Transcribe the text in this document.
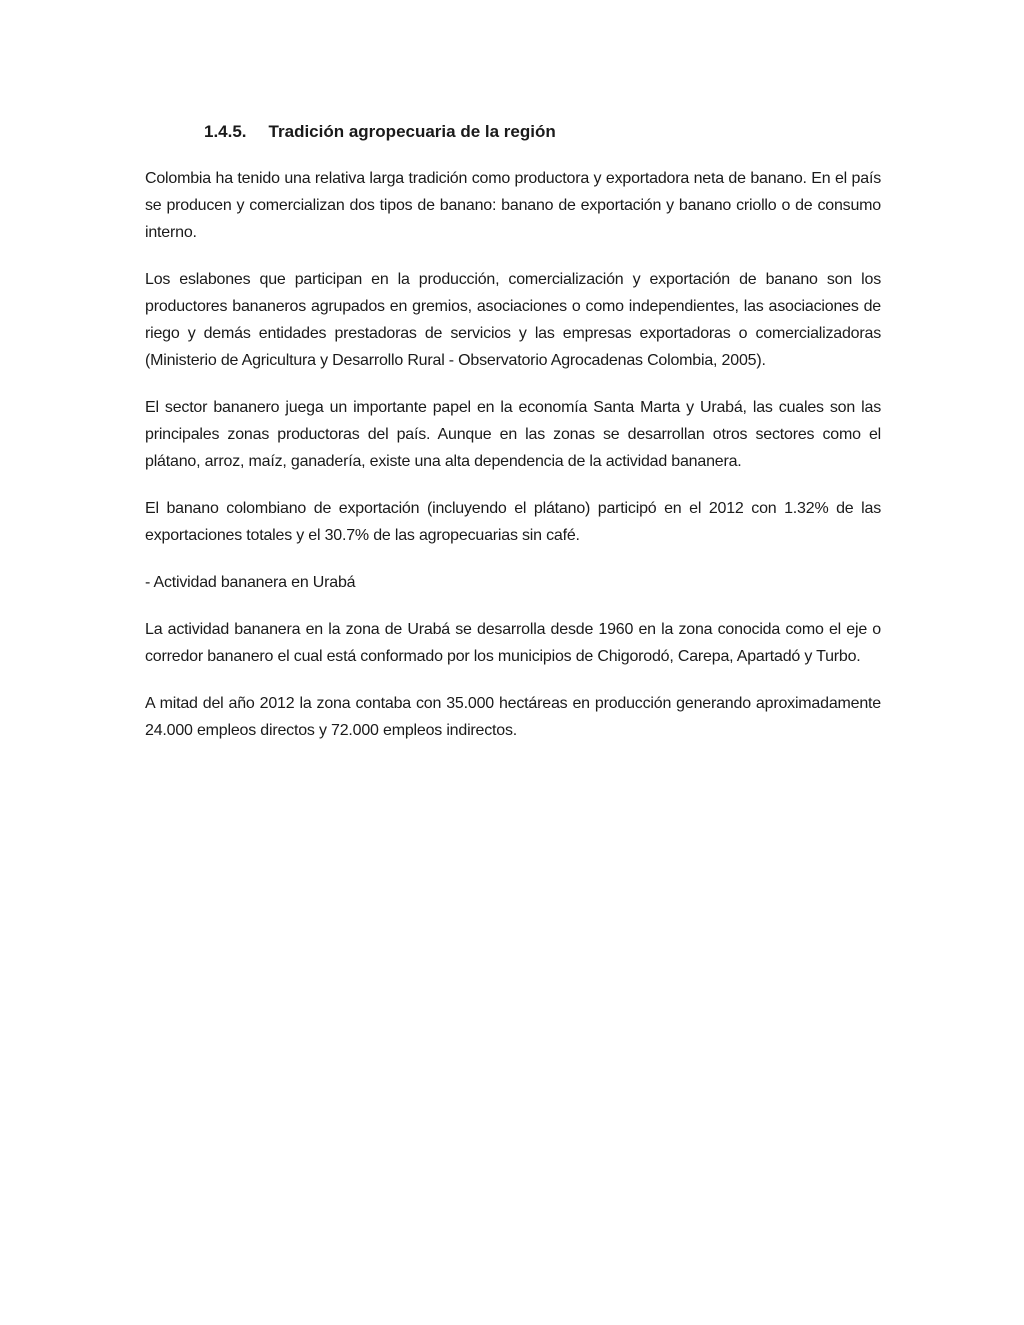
1.4.5. Tradición agropecuaria de la región

Colombia ha tenido una relativa larga tradición como productora y exportadora neta de banano. En el país se producen y comercializan dos tipos de banano: banano de exportación y banano criollo o de consumo interno.

Los eslabones que participan en la producción, comercialización y exportación de banano son los productores bananeros agrupados en gremios, asociaciones o como independientes, las asociaciones de riego y demás entidades prestadoras de servicios y las empresas exportadoras o comercializadoras (Ministerio de Agricultura y Desarrollo Rural - Observatorio Agrocadenas Colombia, 2005).

El sector bananero juega un importante papel en la economía Santa Marta y Urabá, las cuales son las principales zonas productoras del país. Aunque en las zonas se desarrollan otros sectores como el plátano, arroz, maíz, ganadería, existe una alta dependencia de la actividad bananera.

El banano colombiano de exportación (incluyendo el plátano) participó en el 2012 con 1.32% de las exportaciones totales y el 30.7% de las agropecuarias sin café.

- Actividad bananera en Urabá

La actividad bananera en la zona de Urabá se desarrolla desde 1960 en la zona conocida como el eje o corredor bananero el cual está conformado por los municipios de Chigorodó, Carepa, Apartadó y Turbo.

A mitad del año 2012 la zona contaba con 35.000 hectáreas en producción generando aproximadamente 24.000 empleos directos y 72.000 empleos indirectos.
